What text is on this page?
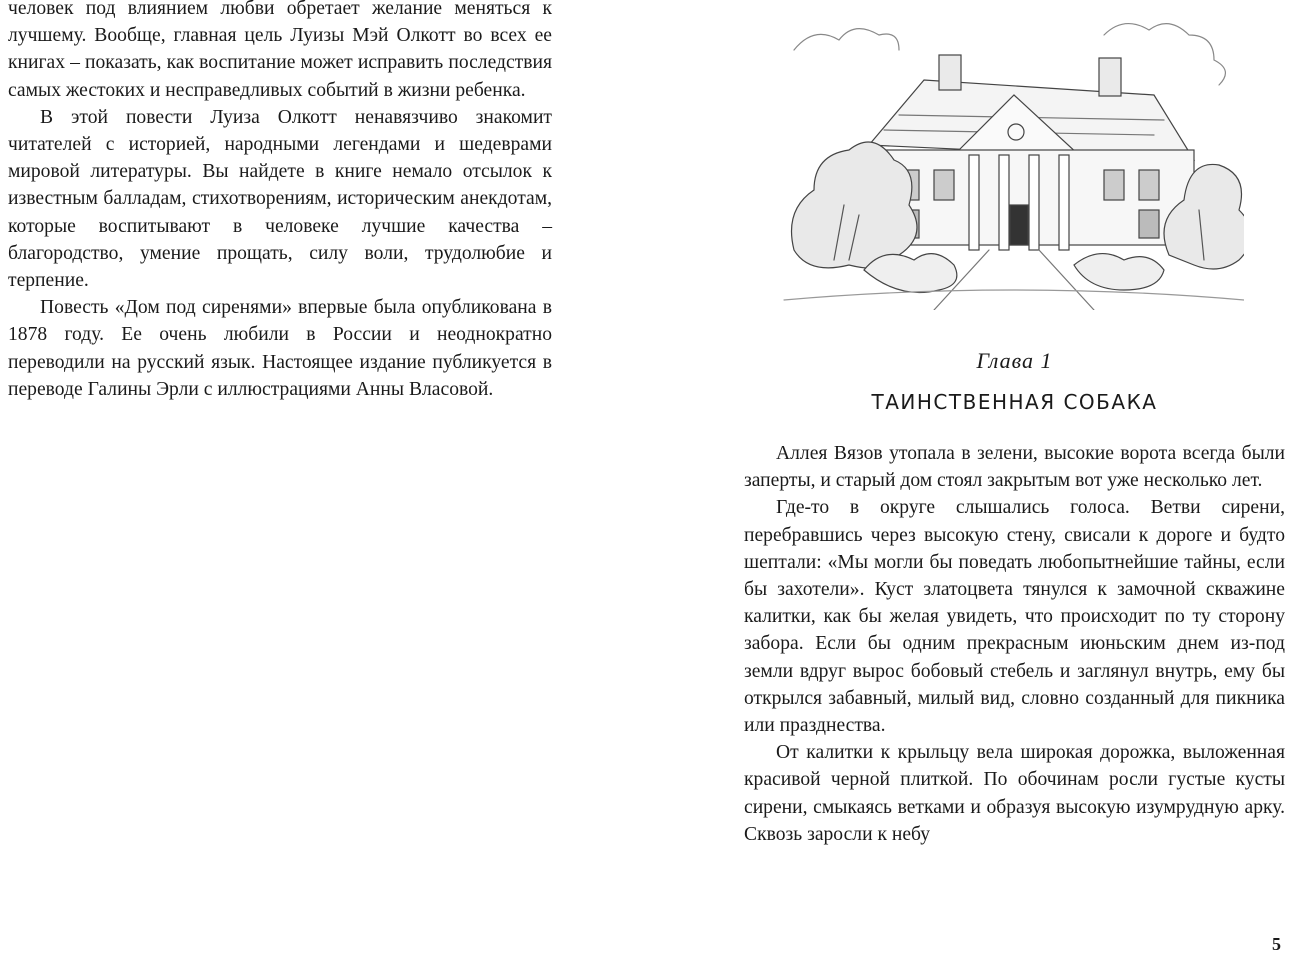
человек под влиянием любви обретает желание меняться к лучшему. Вообще, главная цель Луизы Мэй Олкотт во всех ее книгах – показать, как воспитание может исправить последствия самых жестоких и несправедливых событий в жизни ребенка.

В этой повести Луиза Олкотт ненавязчиво знакомит читателей с историей, народными легендами и шедеврами мировой литературы. Вы найдете в книге немало отсылок к известным балладам, стихотворениям, историческим анекдотам, которые воспитывают в человеке лучшие качества – благородство, умение прощать, силу воли, трудолюбие и терпение.

Повесть «Дом под сиренями» впервые была опубликована в 1878 году. Ее очень любили в России и неоднократно переводили на русский язык. Настоящее издание публикуется в переводе Галины Эрли с иллюстрациями Анны Власовой.

Глава 1
ТАИНСТВЕННАЯ СОБАКА

Аллея Вязов утопала в зелени, высокие ворота всегда были заперты, и старый дом стоял закрытым вот уже несколько лет.

Где-то в округе слышались голоса. Ветви сирени, перебравшись через высокую стену, свисали к дороге и будто шептали: «Мы могли бы поведать любопытнейшие тайны, если бы захотели». Куст златоцвета тянулся к замочной скважине калитки, как бы желая увидеть, что происходит по ту сторону забора. Если бы одним прекрасным июньским днем из-под земли вдруг вырос бобовый стебель и заглянул внутрь, ему бы открылся забавный, милый вид, словно созданный для пикника или празднества.

От калитки к крыльцу вела широкая дорожка, выложенная красивой черной плиткой. По обочинам росли густые кусты сирени, смыкаясь ветками и образуя высокую изумрудную арку. Сквозь заросли к небу

5
